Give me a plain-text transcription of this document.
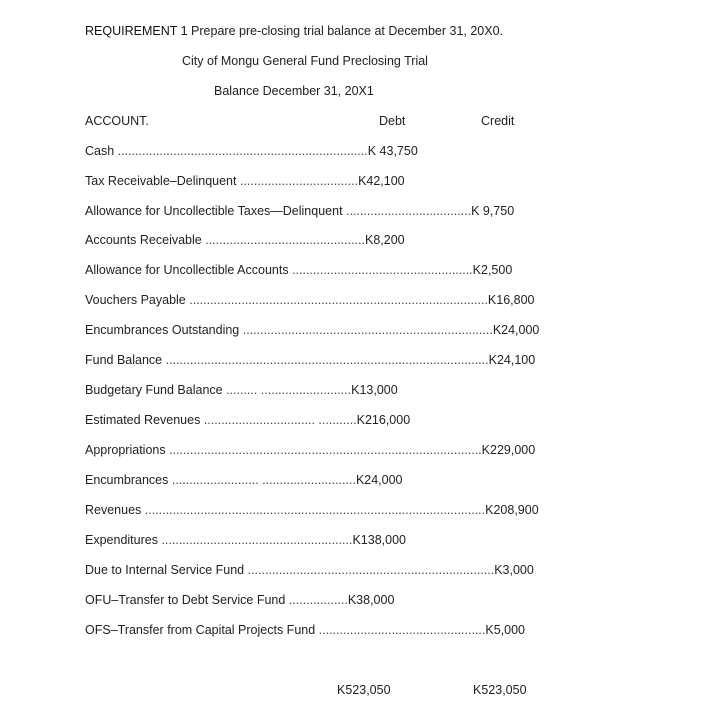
REQUIREMENT 1 Prepare pre-closing trial balance at December 31, 20X0.
City of Mongu General Fund Preclosing Trial
Balance December 31, 20X1
ACCOUNT.	Debt	Credit
Cash ........................................................................K 43,750
Tax Receivable–Delinquent ..................................K42,100
Allowance for Uncollectible Taxes—Delinquent ....................................K 9,750
Accounts Receivable ..............................................K8,200
Allowance for Uncollectible Accounts ....................................................K2,500
Vouchers Payable ......................................................................................K16,800
Encumbrances Outstanding ........................................................................K24,000
Fund Balance .............................................................................................K24,100
Budgetary Fund Balance ......... ..........................K13,000
Estimated Revenues ................................ ...........K216,000
Appropriations ..........................................................................................K229,000
Encumbrances ......................... ...........................K24,000
Revenues ..................................................................................................K208,900
Expenditures .......................................................K138,000
Due to Internal Service Fund .......................................................................K3,000
OFU–Transfer to Debt Service Fund .................K38,000
OFS–Transfer from Capital Projects Fund ................................................K5,000
K523,050	K523,050
